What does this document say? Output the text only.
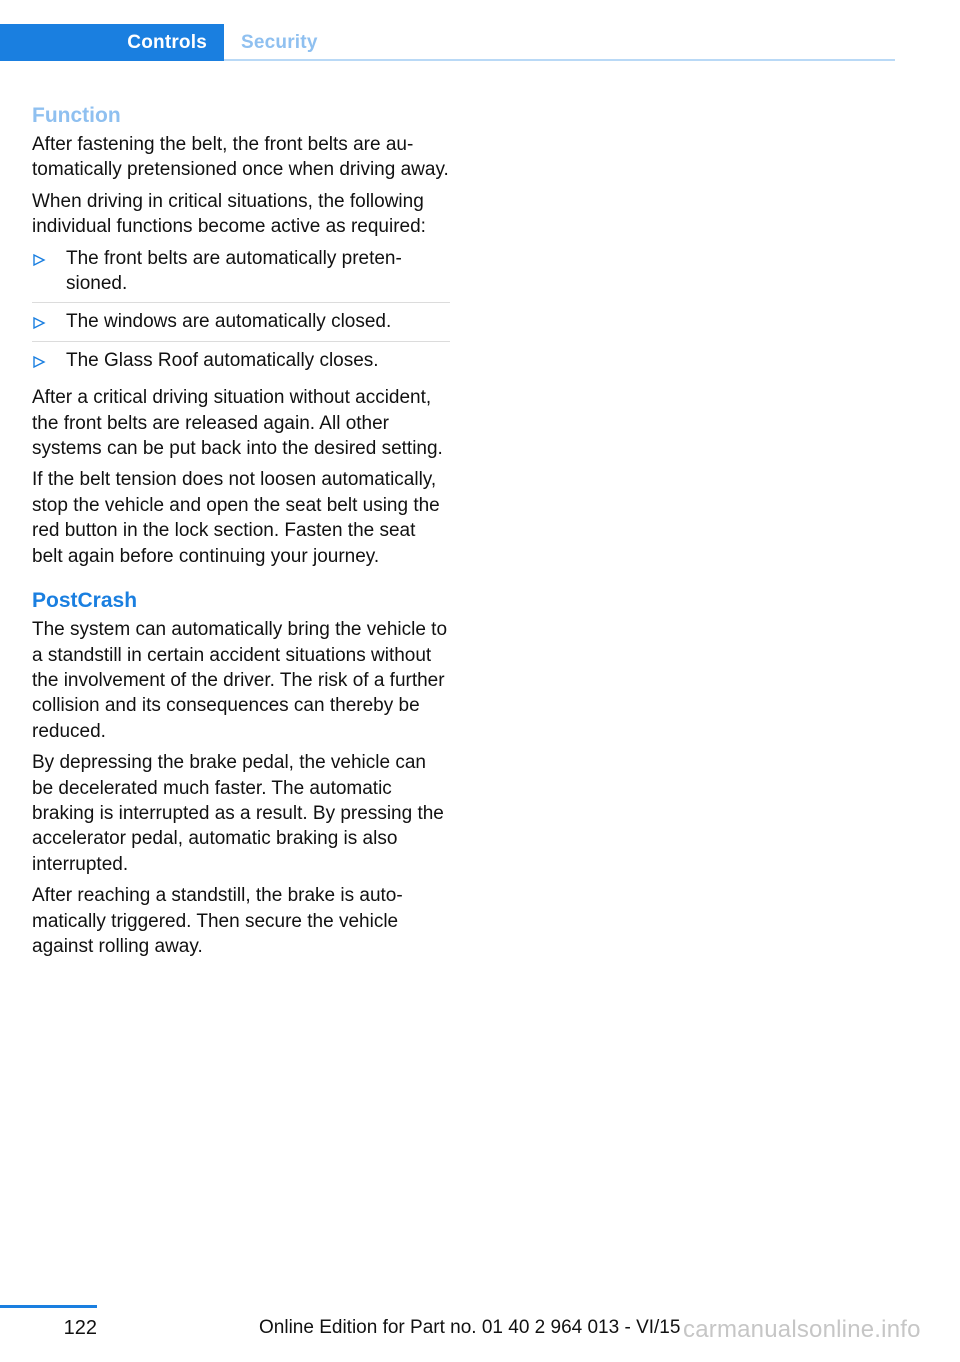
Controls Security
Function

After fastening the belt, the front belts are automatically pretensioned once when driving away.

When driving in critical situations, the following individual functions become active as required:

The front belts are automatically pretensioned.
The windows are automatically closed.
The Glass Roof automatically closes.

After a critical driving situation without accident, the front belts are released again. All other systems can be put back into the desired setting.

If the belt tension does not loosen automatically, stop the vehicle and open the seat belt using the red button in the lock section. Fasten the seat belt again before continuing your journey.

PostCrash

The system can automatically bring the vehicle to a standstill in certain accident situations without the involvement of the driver. The risk of a further collision and its consequences can thereby be reduced.

By depressing the brake pedal, the vehicle can be decelerated much faster. The automatic braking is interrupted as a result. By pressing the accelerator pedal, automatic braking is also interrupted.

After reaching a standstill, the brake is automatically triggered. Then secure the vehicle against rolling away.

122	Online Edition for Part no. 01 40 2 964 013 - VI/15 carmanualsonline.info
